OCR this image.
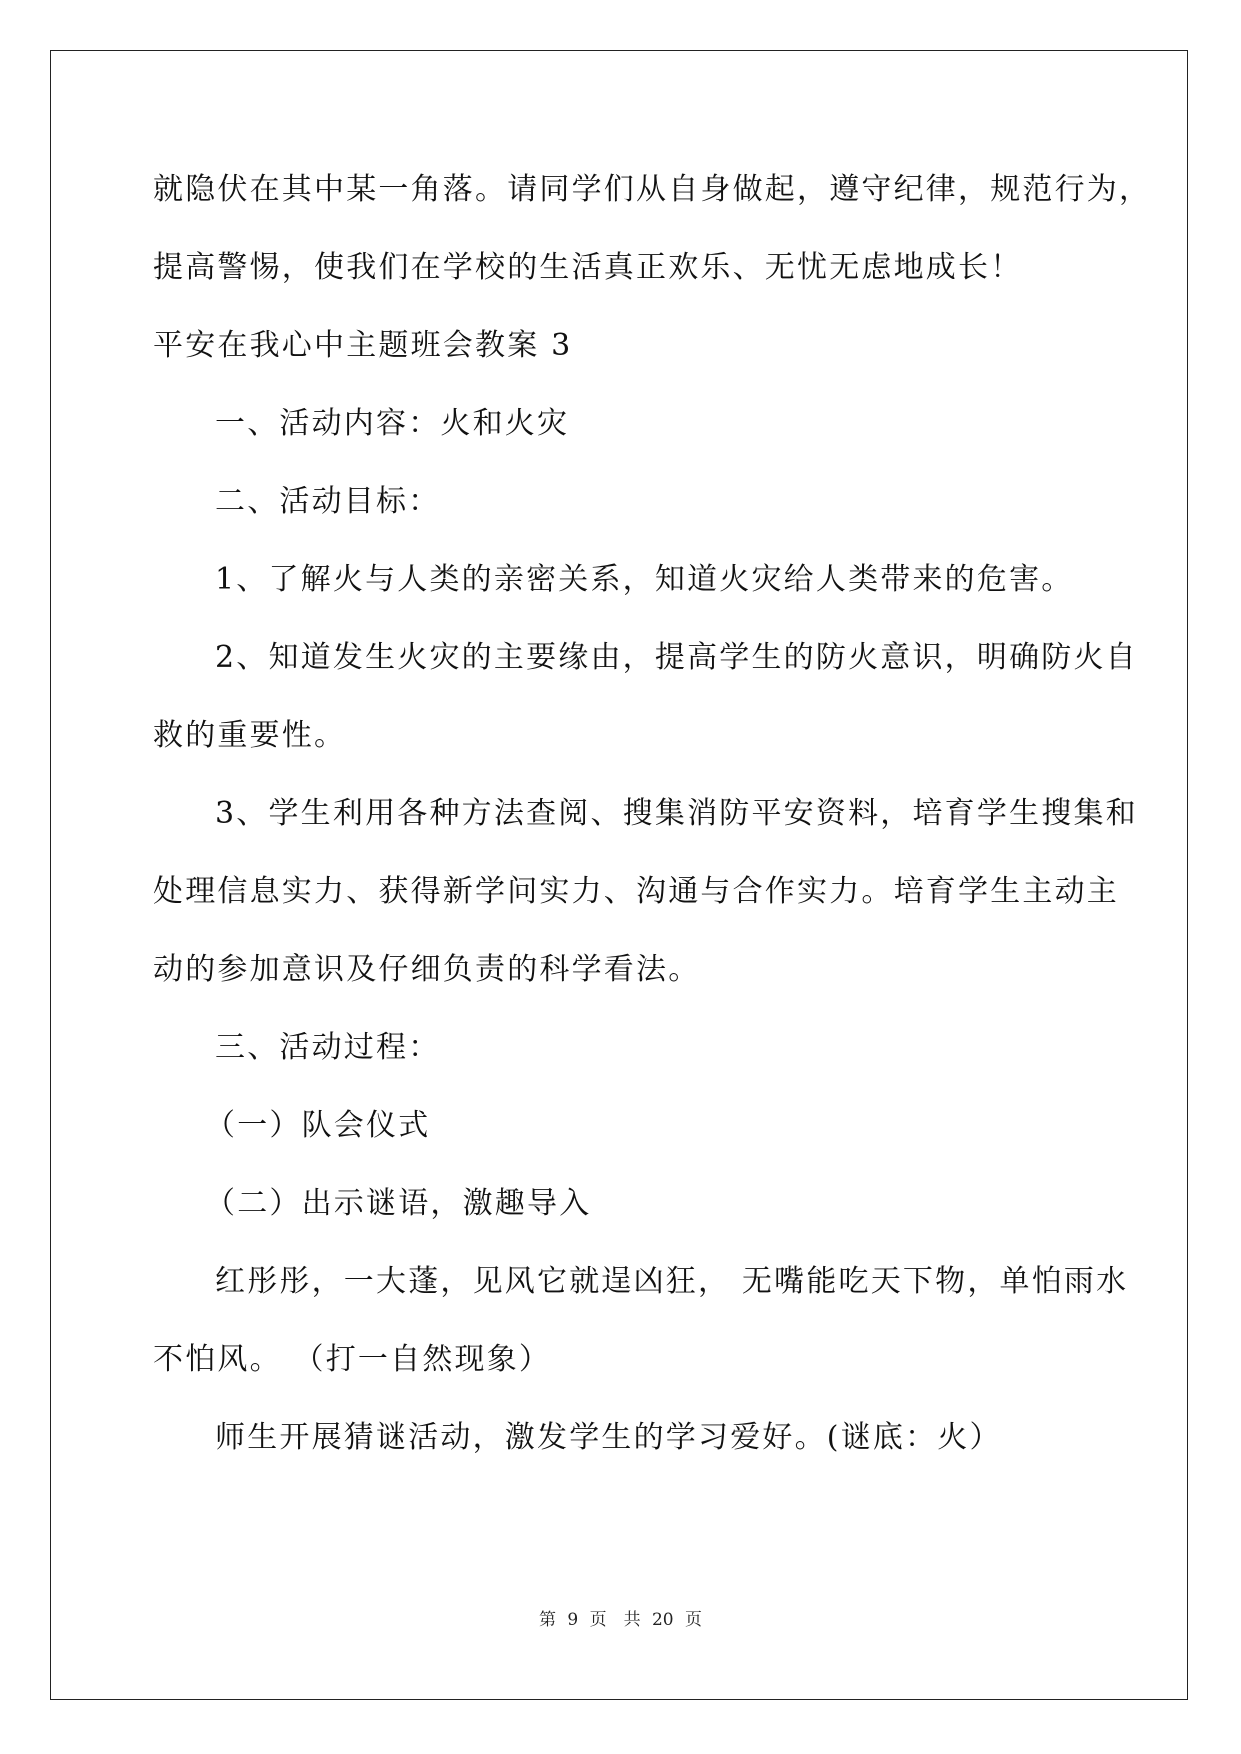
就隐伏在其中某一角落。请同学们从自身做起，遵守纪律，规范行为，

提高警惕，使我们在学校的生活真正欢乐、无忧无虑地成长！

平安在我心中主题班会教案 3

一、活动内容：火和火灾

二、活动目标：

1、了解火与人类的亲密关系，知道火灾给人类带来的危害。

2、知道发生火灾的主要缘由，提高学生的防火意识，明确防火自

救的重要性。

3、学生利用各种方法查阅、搜集消防平安资料，培育学生搜集和

处理信息实力、获得新学问实力、沟通与合作实力。培育学生主动主

动的参加意识及仔细负责的科学看法。

三、活动过程：

（一）队会仪式

（二）出示谜语，激趣导入

红彤彤，一大蓬，见风它就逞凶狂， 无嘴能吃天下物，单怕雨水

不怕风。 （打一自然现象）

师生开展猜谜活动，激发学生的学习爱好。(谜底：火）

第 9 页　共 20 页
